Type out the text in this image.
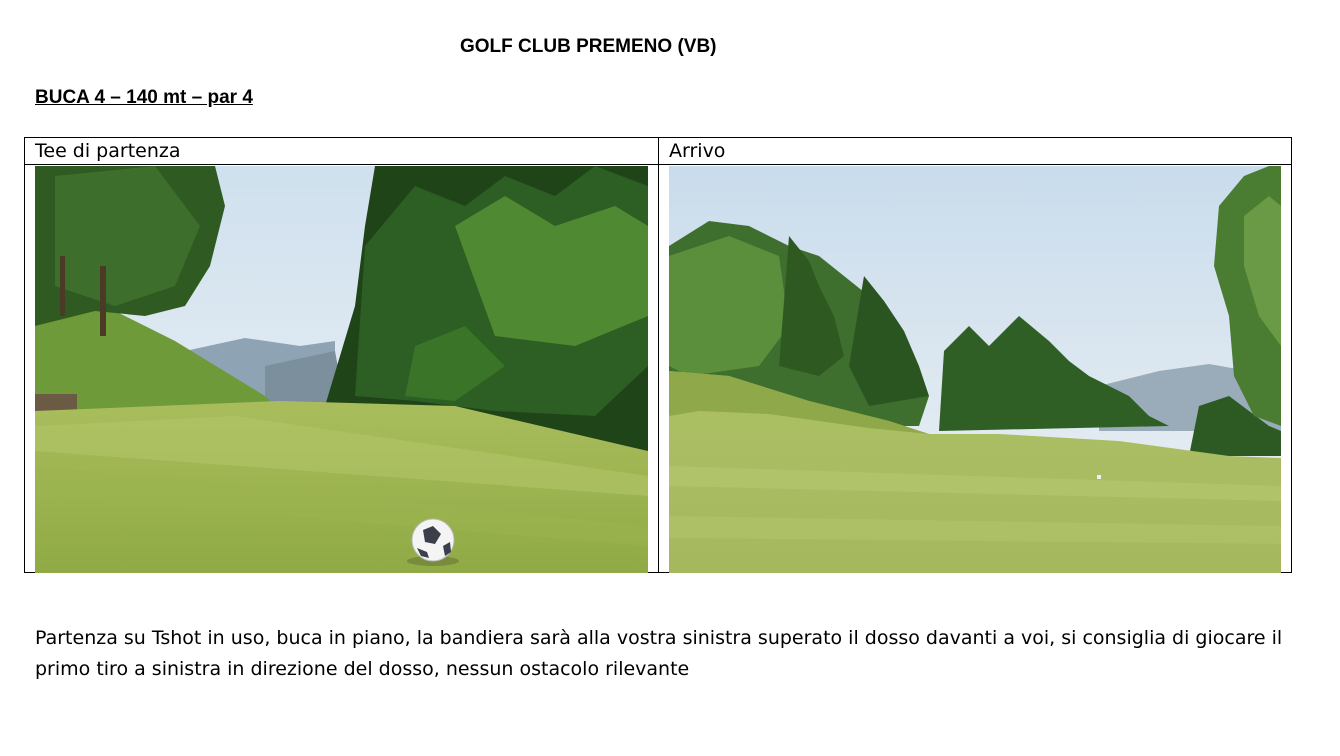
GOLF CLUB PREMENO (VB)
BUCA 4 – 140 mt – par 4
Tee di partenza	Arrivo
Partenza su Tshot in uso, buca in piano, la bandiera sarà alla vostra sinistra superato il dosso davanti a voi, si consiglia di giocare il primo tiro a sinistra in direzione del dosso, nessun ostacolo rilevante
